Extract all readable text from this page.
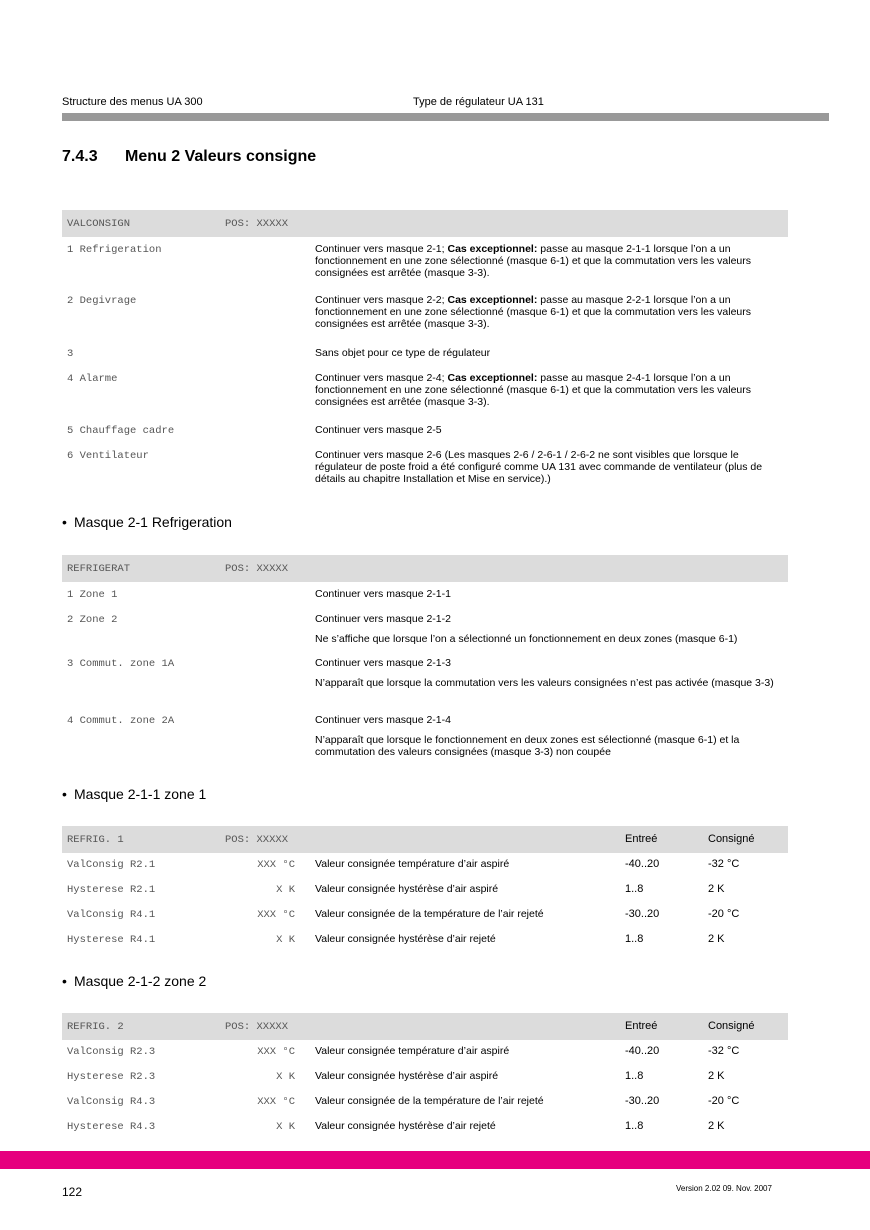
Structure des menus UA 300	Type de régulateur UA 131
7.4.3 Menu 2 Valeurs consigne
VALCONSIGN	POS: XXXXX
1 Refrigeration	Continuer vers masque 2-1; Cas exceptionnel: passe au masque 2-1-1 lorsque l’on a un fonctionnement en une zone sélectionné (masque 6-1) et que la commutation vers les valeurs consignées est arrêtée (masque 3-3).
2 Degivrage	Continuer vers masque 2-2; Cas exceptionnel: passe au masque 2-2-1 lorsque l’on a un fonctionnement en une zone sélectionné (masque 6-1) et que la commutation vers les valeurs consignées est arrêtée (masque 3-3).
3	Sans objet pour ce type de régulateur
4 Alarme	Continuer vers masque 2-4; Cas exceptionnel: passe au masque 2-4-1 lorsque l’on a un fonctionnement en une zone sélectionné (masque 6-1) et que la commutation vers les valeurs consignées est arrêtée (masque 3-3).
5 Chauffage cadre	Continuer vers masque 2-5
6 Ventilateur	Continuer vers masque 2-6 (Les masques 2-6 / 2-6-1 / 2-6-2 ne sont visibles que lorsque le régulateur de poste froid a été configuré comme UA 131 avec commande de ventilateur (plus de détails au chapitre Installation et Mise en service).)
• Masque 2-1 Refrigeration
REFRIGERAT	POS: XXXXX
1 Zone 1	Continuer vers masque 2-1-1
2 Zone 2	Continuer vers masque 2-1-2
Ne s’affiche que lorsque l’on a sélectionné un fonctionnement en deux zones (masque 6-1)
3 Commut. zone 1A	Continuer vers masque 2-1-3
N’apparaît que lorsque la commutation vers les valeurs consignées n’est pas activée (masque 3-3)
4 Commut. zone 2A	Continuer vers masque 2-1-4
N’apparaît que lorsque le fonctionnement en deux zones est sélectionné (masque 6-1) et la commutation des valeurs consignées (masque 3-3) non coupée
• Masque 2-1-1 zone 1
REFRIG. 1	POS: XXXXX	Entreé	Consigné
ValConsig R2.1	XXX °C Valeur consignée température d’air aspiré	-40..20	-32 °C
Hysterese R2.1	X K Valeur consignée hystérèse d’air aspiré	1..8	2 K
ValConsig R4.1	XXX °C Valeur consignée de la température de l’air rejeté	-30..20	-20 °C
Hysterese R4.1	X K Valeur consignée hystérèse d’air rejeté	1..8	2 K
• Masque 2-1-2 zone 2
REFRIG. 2	POS: XXXXX	Entreé	Consigné
ValConsig R2.3	XXX °C Valeur consignée température d’air aspiré	-40..20	-32 °C
Hysterese R2.3	X K Valeur consignée hystérèse d’air aspiré	1..8	2 K
ValConsig R4.3	XXX °C Valeur consignée de la température de l’air rejeté	-30..20	-20 °C
Hysterese R4.3	X K Valeur consignée hystérèse d’air rejeté	1..8	2 K
122	Version 2.02 09. Nov. 2007
